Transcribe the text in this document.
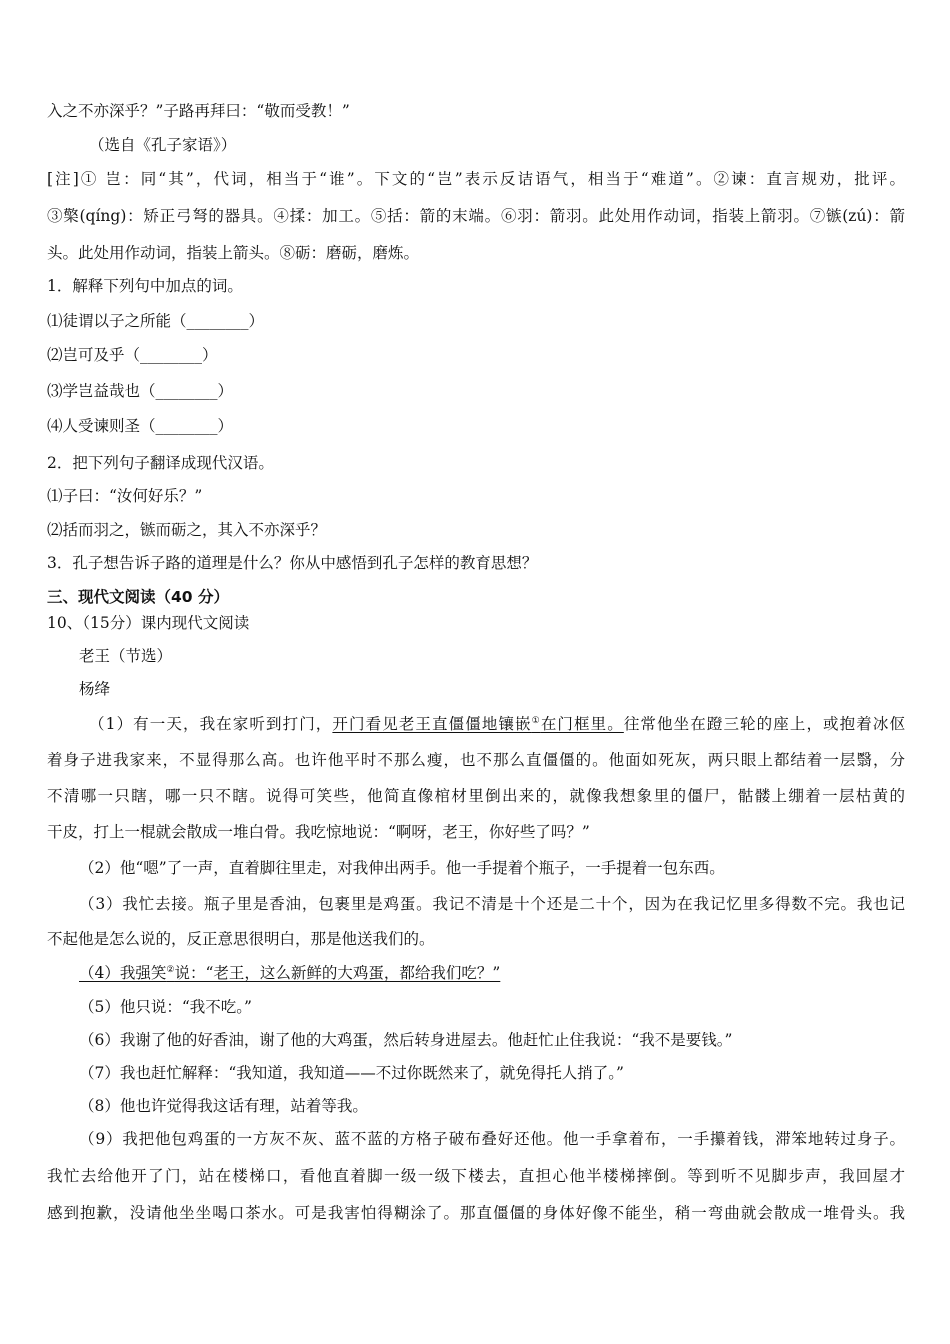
入之不亦深乎？”子路再拜曰：“敬而受教！”
（选自《孔子家语》）
[注]① 岂：同“其”，代词，相当于“谁”。下文的“岂”表示反诘语气，相当于“难道”。②谏：直言规劝，批评。
③檠(qíng)：矫正弓弩的器具。④揉：加工。⑤括：箭的末端。⑥羽：箭羽。此处用作动词，指装上箭羽。⑦镞(zú)：箭
头。此处用作动词，指装上箭头。⑧砺：磨砺，磨炼。
1．解释下列句中加点的词。
⑴徒谓以子之所能（________）
⑵岂可及乎（________）
⑶学岂益哉也（________）
⑷人受谏则圣（________）
2．把下列句子翻译成现代汉语。
⑴子曰：“汝何好乐？”
⑵括而羽之，镞而砺之，其入不亦深乎？
3．孔子想告诉子路的道理是什么？你从中感悟到孔子怎样的教育思想？
三、现代文阅读（40 分）
10、（15分）课内现代文阅读
老王（节选）
杨绛
（1）有一天，我在家听到打门，开门看见老王直僵僵地镶嵌①在门框里。往常他坐在蹬三轮的座上，或抱着冰伛
着身子进我家来，不显得那么高。也许他平时不那么瘦，也不那么直僵僵的。他面如死灰，两只眼上都结着一层翳，分
不清哪一只瞎，哪一只不瞎。说得可笑些，他简直像棺材里倒出来的，就像我想象里的僵尸，骷髅上绷着一层枯黄的
干皮，打上一棍就会散成一堆白骨。我吃惊地说：“啊呀，老王，你好些了吗？”
（2）他“嗯”了一声，直着脚往里走，对我伸出两手。他一手提着个瓶子，一手提着一包东西。
（3）我忙去接。瓶子里是香油，包裹里是鸡蛋。我记不清是十个还是二十个，因为在我记忆里多得数不完。我也记
不起他是怎么说的，反正意思很明白，那是他送我们的。
（4）我强笑②说：“老王，这么新鲜的大鸡蛋，都给我们吃？”
（5）他只说：“我不吃。”
（6）我谢了他的好香油，谢了他的大鸡蛋，然后转身进屋去。他赶忙止住我说：“我不是要钱。”
（7）我也赶忙解释：“我知道，我知道——不过你既然来了，就免得托人捎了。”
（8）他也许觉得我这话有理，站着等我。
（9）我把他包鸡蛋的一方灰不灰、蓝不蓝的方格子破布叠好还他。他一手拿着布，一手攥着钱，滞笨地转过身子。
我忙去给他开了门，站在楼梯口，看他直着脚一级一级下楼去，直担心他半楼梯摔倒。等到听不见脚步声，我回屋才
感到抱歉，没请他坐坐喝口茶水。可是我害怕得糊涂了。那直僵僵的身体好像不能坐，稍一弯曲就会散成一堆骨头。我
